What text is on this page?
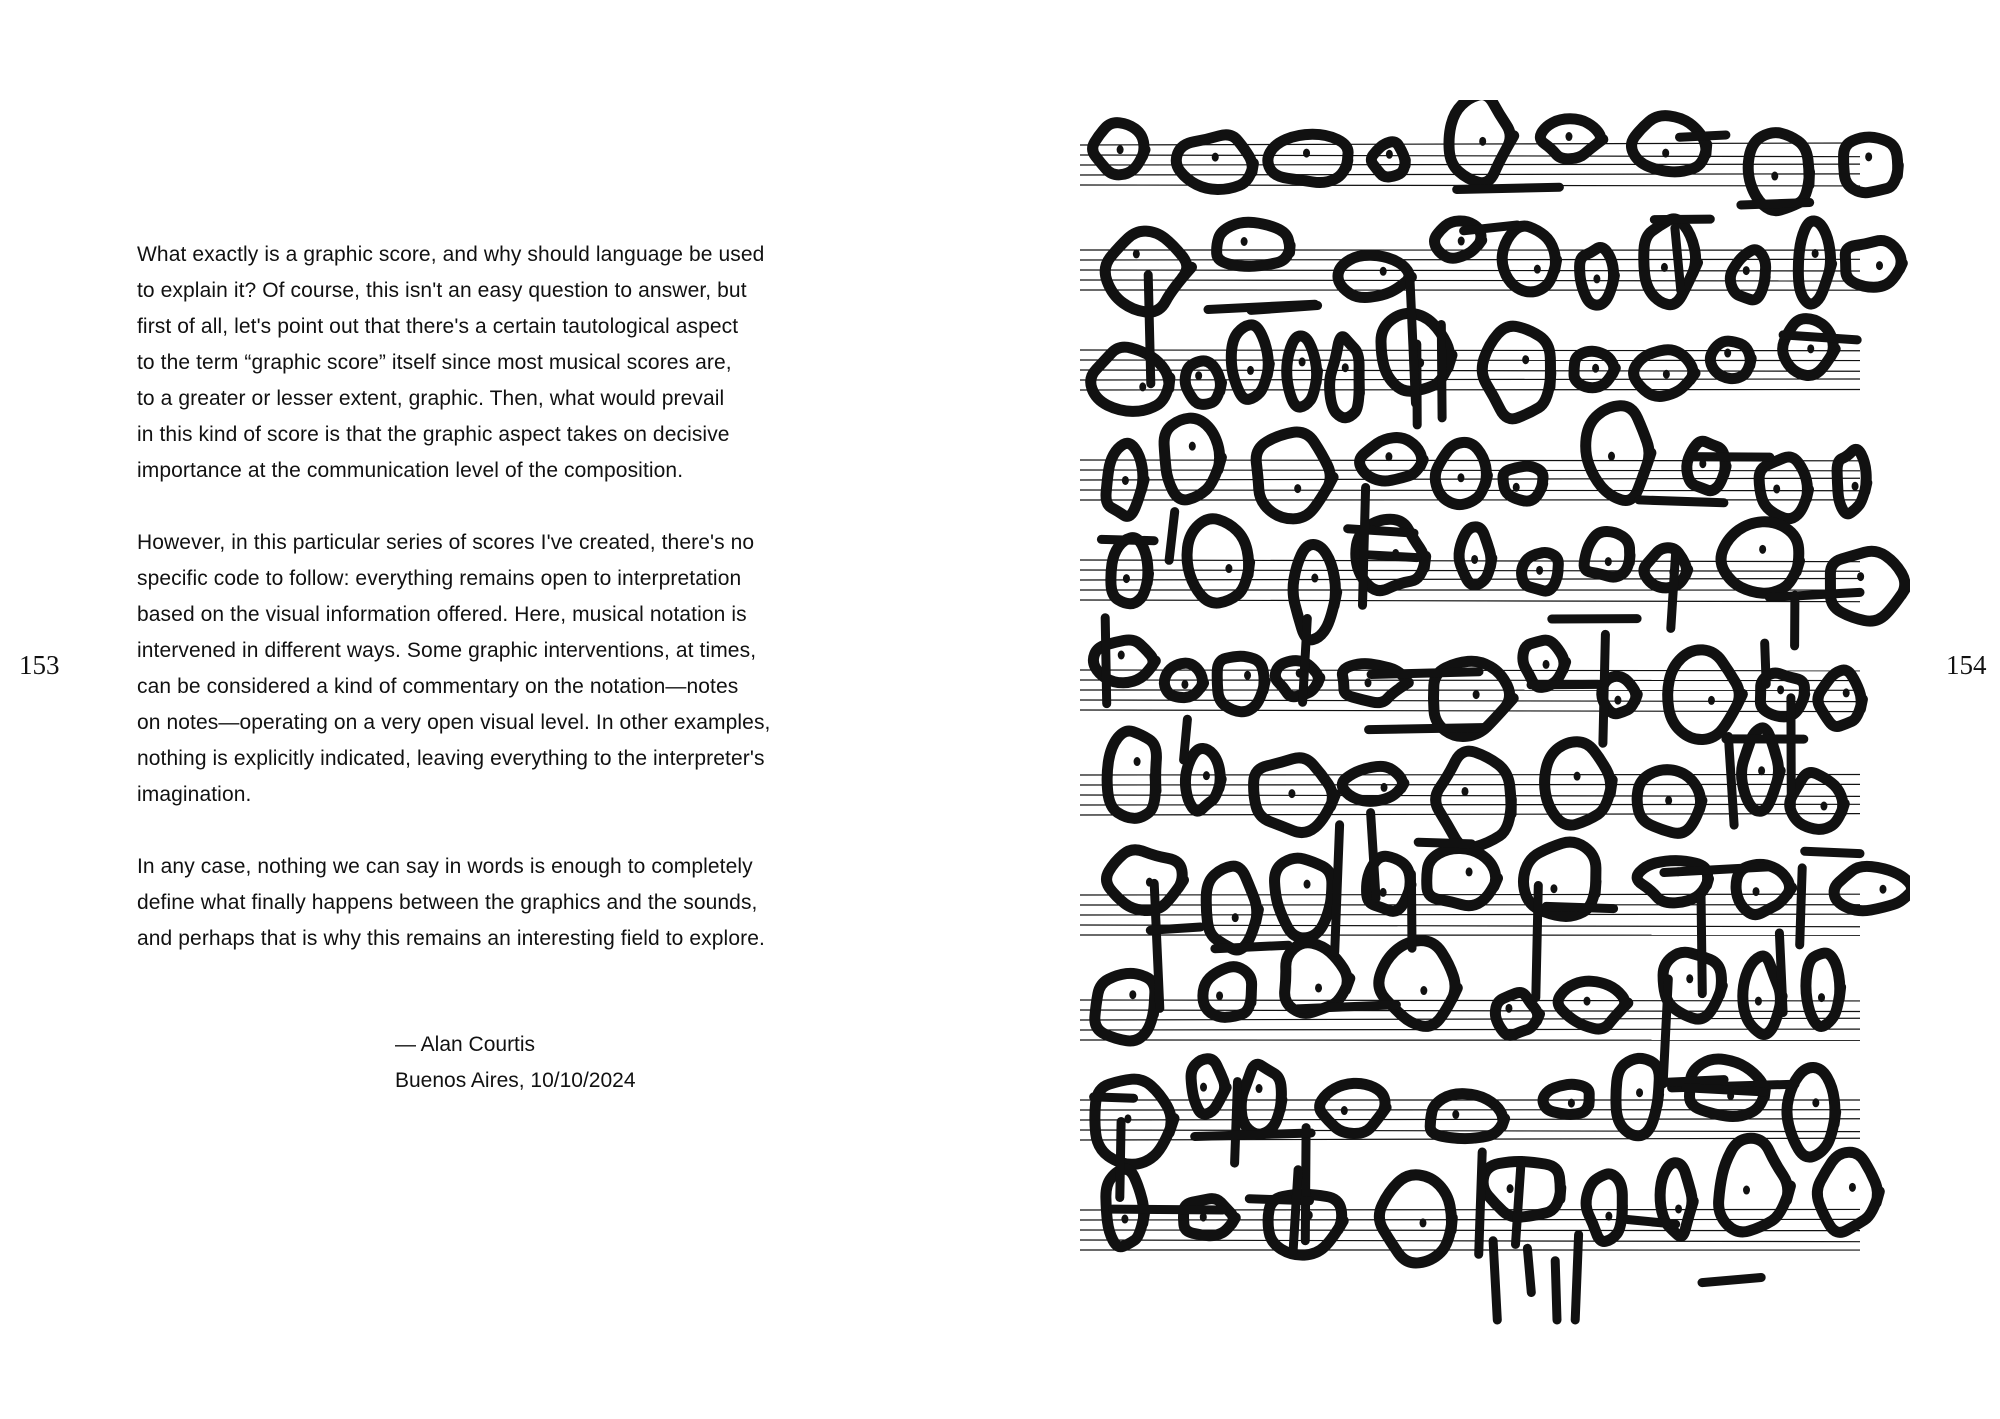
153	154

What exactly is a graphic score, and why should language be used
to explain it? Of course, this isn't an easy question to answer, but
first of all, let's point out that there's a certain tautological aspect
to the term “graphic score” itself since most musical scores are,
to a greater or lesser extent, graphic. Then, what would prevail
in this kind of score is that the graphic aspect takes on decisive
importance at the communication level of the composition.

However, in this particular series of scores I've created, there's no
specific code to follow: everything remains open to interpretation
based on the visual information offered. Here, musical notation is
intervened in different ways. Some graphic interventions, at times,
can be considered a kind of commentary on the notation—notes
on notes—operating on a very open visual level. In other examples,
nothing is explicitly indicated, leaving everything to the interpreter's
imagination.

In any case, nothing we can say in words is enough to completely
define what finally happens between the graphics and the sounds,
and perhaps that is why this remains an interesting field to explore.

— Alan Courtis
Buenos Aires, 10/10/2024
